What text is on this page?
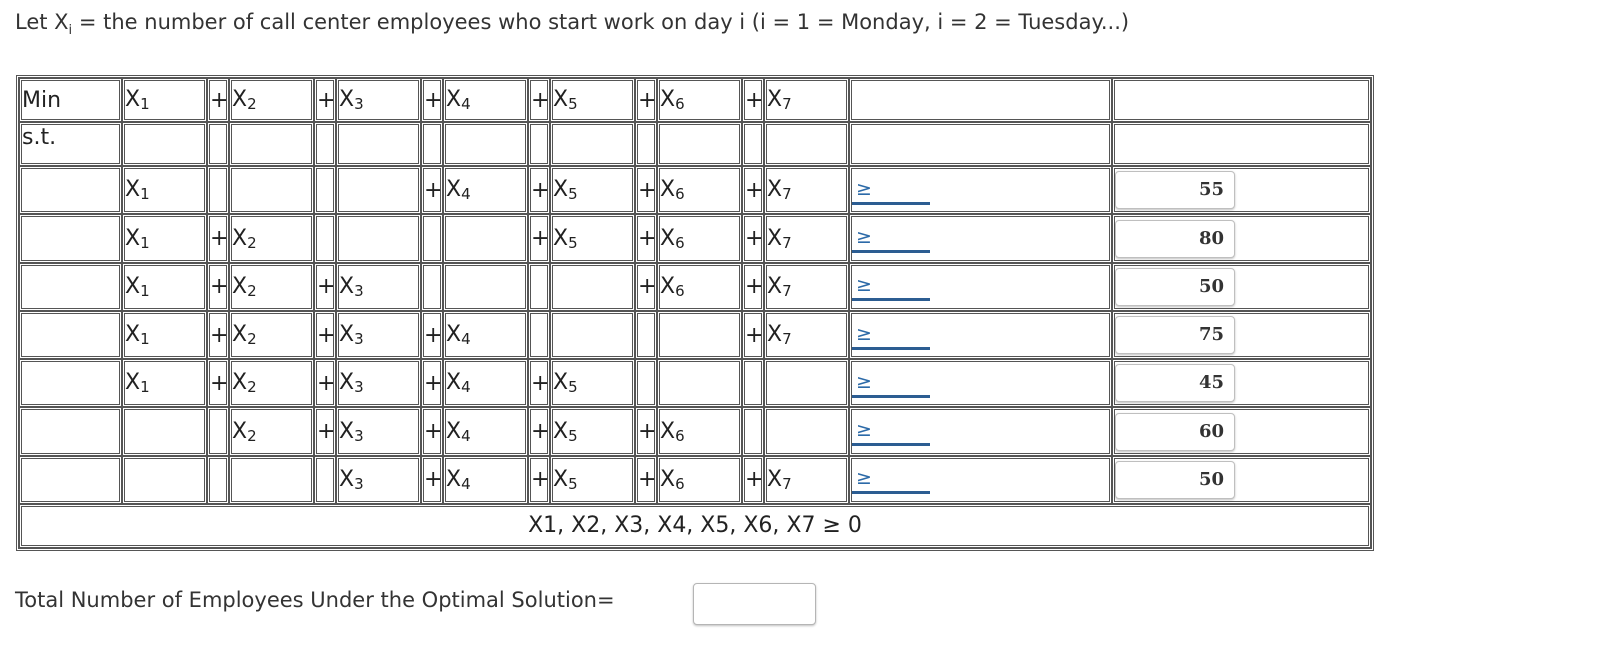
Let $X_i$ = the number of call center employees who start work on day i (i = 1 = Monday, i = 2 = Tuesday...)
Min	$X_1$	+	$X_2$	+	$X_3$	+	$X_4$	+	$X_5$	+	$X_6$	+	$X_7$		
s.t.															
	$X_1$					+	$X_4$	+	$X_5$	+	$X_6$	+	$X_7$	≥	55
	$X_1$	+	$X_2$					+	$X_5$	+	$X_6$	+	$X_7$	≥	80
	$X_1$	+	$X_2$	+	$X_3$					+	$X_6$	+	$X_7$	≥	50
	$X_1$	+	$X_2$	+	$X_3$	+	$X_4$					+	$X_7$	≥	75
	$X_1$	+	$X_2$	+	$X_3$	+	$X_4$	+	$X_5$					≥	45
			$X_2$	+	$X_3$	+	$X_4$	+	$X_5$	+	$X_6$			≥	60
					$X_3$	+	$X_4$	+	$X_5$	+	$X_6$	+	$X_7$	≥	50
X1, X2, X3, X4, X5, X6, X7 ≥ 0															
Total Number of Employees Under the Optimal Solution=
